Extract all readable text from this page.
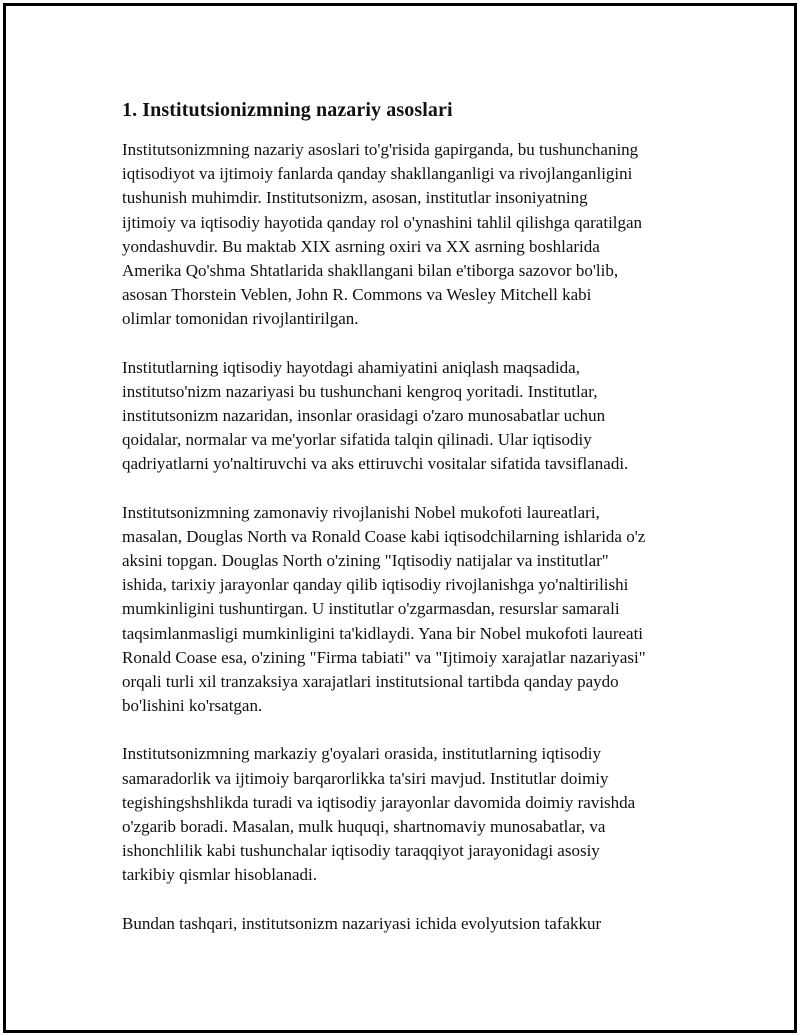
1. Institutsionizmning nazariy asoslari

Institutsonizmning nazariy asoslari to'g'risida gapirganda, bu tushunchaning
iqtisodiyot va ijtimoiy fanlarda qanday shakllanganligi va rivojlanganligini
tushunish muhimdir. Institutsonizm, asosan, institutlar insoniyatning
ijtimoiy va iqtisodiy hayotida qanday rol o'ynashini tahlil qilishga qaratilgan
yondashuvdir. Bu maktab XIX asrning oxiri va XX asrning boshlarida
Amerika Qo'shma Shtatlarida shakllangani bilan e'tiborga sazovor bo'lib,
asosan Thorstein Veblen, John R. Commons va Wesley Mitchell kabi
olimlar tomonidan rivojlantirilgan.

Institutlarning iqtisodiy hayotdagi ahamiyatini aniqlash maqsadida,
institutso'nizm nazariyasi bu tushunchani kengroq yoritadi. Institutlar,
institutsonizm nazaridan, insonlar orasidagi o'zaro munosabatlar uchun
qoidalar, normalar va me'yorlar sifatida talqin qilinadi. Ular iqtisodiy
qadriyatlarni yo'naltiruvchi va aks ettiruvchi vositalar sifatida tavsiflanadi.

Institutsonizmning zamonaviy rivojlanishi Nobel mukofoti laureatlari,
masalan, Douglas North va Ronald Coase kabi iqtisodchilarning ishlarida o'z
aksini topgan. Douglas North o'zining "Iqtisodiy natijalar va institutlar"
ishida, tarixiy jarayonlar qanday qilib iqtisodiy rivojlanishga yo'naltirilishi
mumkinligini tushuntirgan. U institutlar o'zgarmasdan, resurslar samarali
taqsimlanmasligi mumkinligini ta'kidlaydi. Yana bir Nobel mukofoti laureati
Ronald Coase esa, o'zining "Firma tabiati" va "Ijtimoiy xarajatlar nazariyasi"
orqali turli xil tranzaksiya xarajatlari institutsional tartibda qanday paydo
bo'lishini ko'rsatgan.

Institutsonizmning markaziy g'oyalari orasida, institutlarning iqtisodiy
samaradorlik va ijtimoiy barqarorlikka ta'siri mavjud. Institutlar doimiy
tegishingshshlikda turadi va iqtisodiy jarayonlar davomida doimiy ravishda
o'zgarib boradi. Masalan, mulk huquqi, shartnomaviy munosabatlar, va
ishonchlilik kabi tushunchalar iqtisodiy taraqqiyot jarayonidagi asosiy
tarkibiy qismlar hisoblanadi.

Bundan tashqari, institutsonizm nazariyasi ichida evolyutsion tafakkur
